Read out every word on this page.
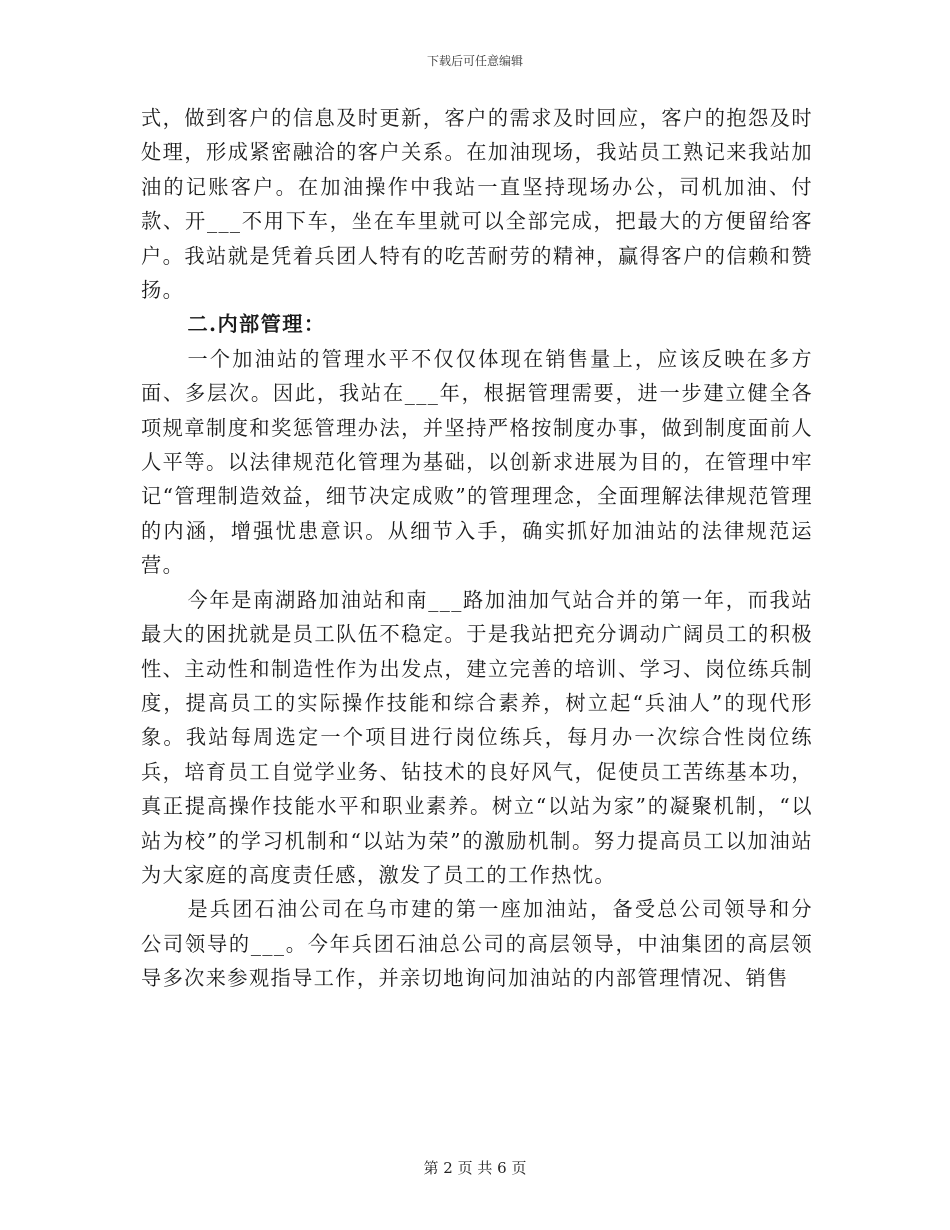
下载后可任意编辑

式，做到客户的信息及时更新，客户的需求及时回应，客户的抱怨及时处理，形成紧密融洽的客户关系。在加油现场，我站员工熟记来我站加油的记账客户。在加油操作中我站一直坚持现场办公，司机加油、付款、开___不用下车，坐在车里就可以全部完成，把最大的方便留给客户。我站就是凭着兵团人特有的吃苦耐劳的精神，赢得客户的信赖和赞扬。

二.内部管理：

一个加油站的管理水平不仅仅体现在销售量上，应该反映在多方面、多层次。因此，我站在___年，根据管理需要，进一步建立健全各项规章制度和奖惩管理办法，并坚持严格按制度办事，做到制度面前人人平等。以法律规范化管理为基础，以创新求进展为目的，在管理中牢记“管理制造效益，细节决定成败”的管理理念，全面理解法律规范管理的内涵，增强忧患意识。从细节入手，确实抓好加油站的法律规范运营。

今年是南湖路加油站和南___路加油加气站合并的第一年，而我站最大的困扰就是员工队伍不稳定。于是我站把充分调动广阔员工的积极性、主动性和制造性作为出发点，建立完善的培训、学习、岗位练兵制度，提高员工的实际操作技能和综合素养，树立起“兵油人”的现代形象。我站每周选定一个项目进行岗位练兵，每月办一次综合性岗位练兵，培育员工自觉学业务、钻技术的良好风气，促使员工苦练基本功，真正提高操作技能水平和职业素养。树立“以站为家”的凝聚机制，“以站为校”的学习机制和“以站为荣”的激励机制。努力提高员工以加油站为大家庭的高度责任感，激发了员工的工作热忱。

是兵团石油公司在乌市建的第一座加油站，备受总公司领导和分公司领导的___。今年兵团石油总公司的高层领导，中油集团的高层领导多次来参观指导工作，并亲切地询问加油站的内部管理情况、销售

第 2 页 共 6 页
